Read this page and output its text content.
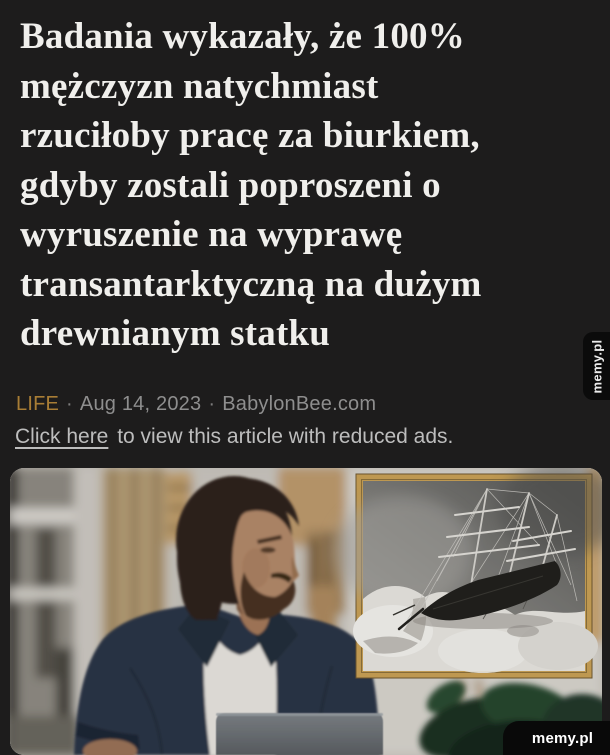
Badania wykazały, że 100%
mężczyzn natychmiast
rzuciłoby pracę za biurkiem,
gdyby zostali poproszeni o
wyruszenie na wyprawę
transantarktyczną na dużym
drewnianym statku
LIFE · Aug 14, 2023 · BabylonBee.com
Click here to view this article with reduced ads.
memy.pl
memy.pl
